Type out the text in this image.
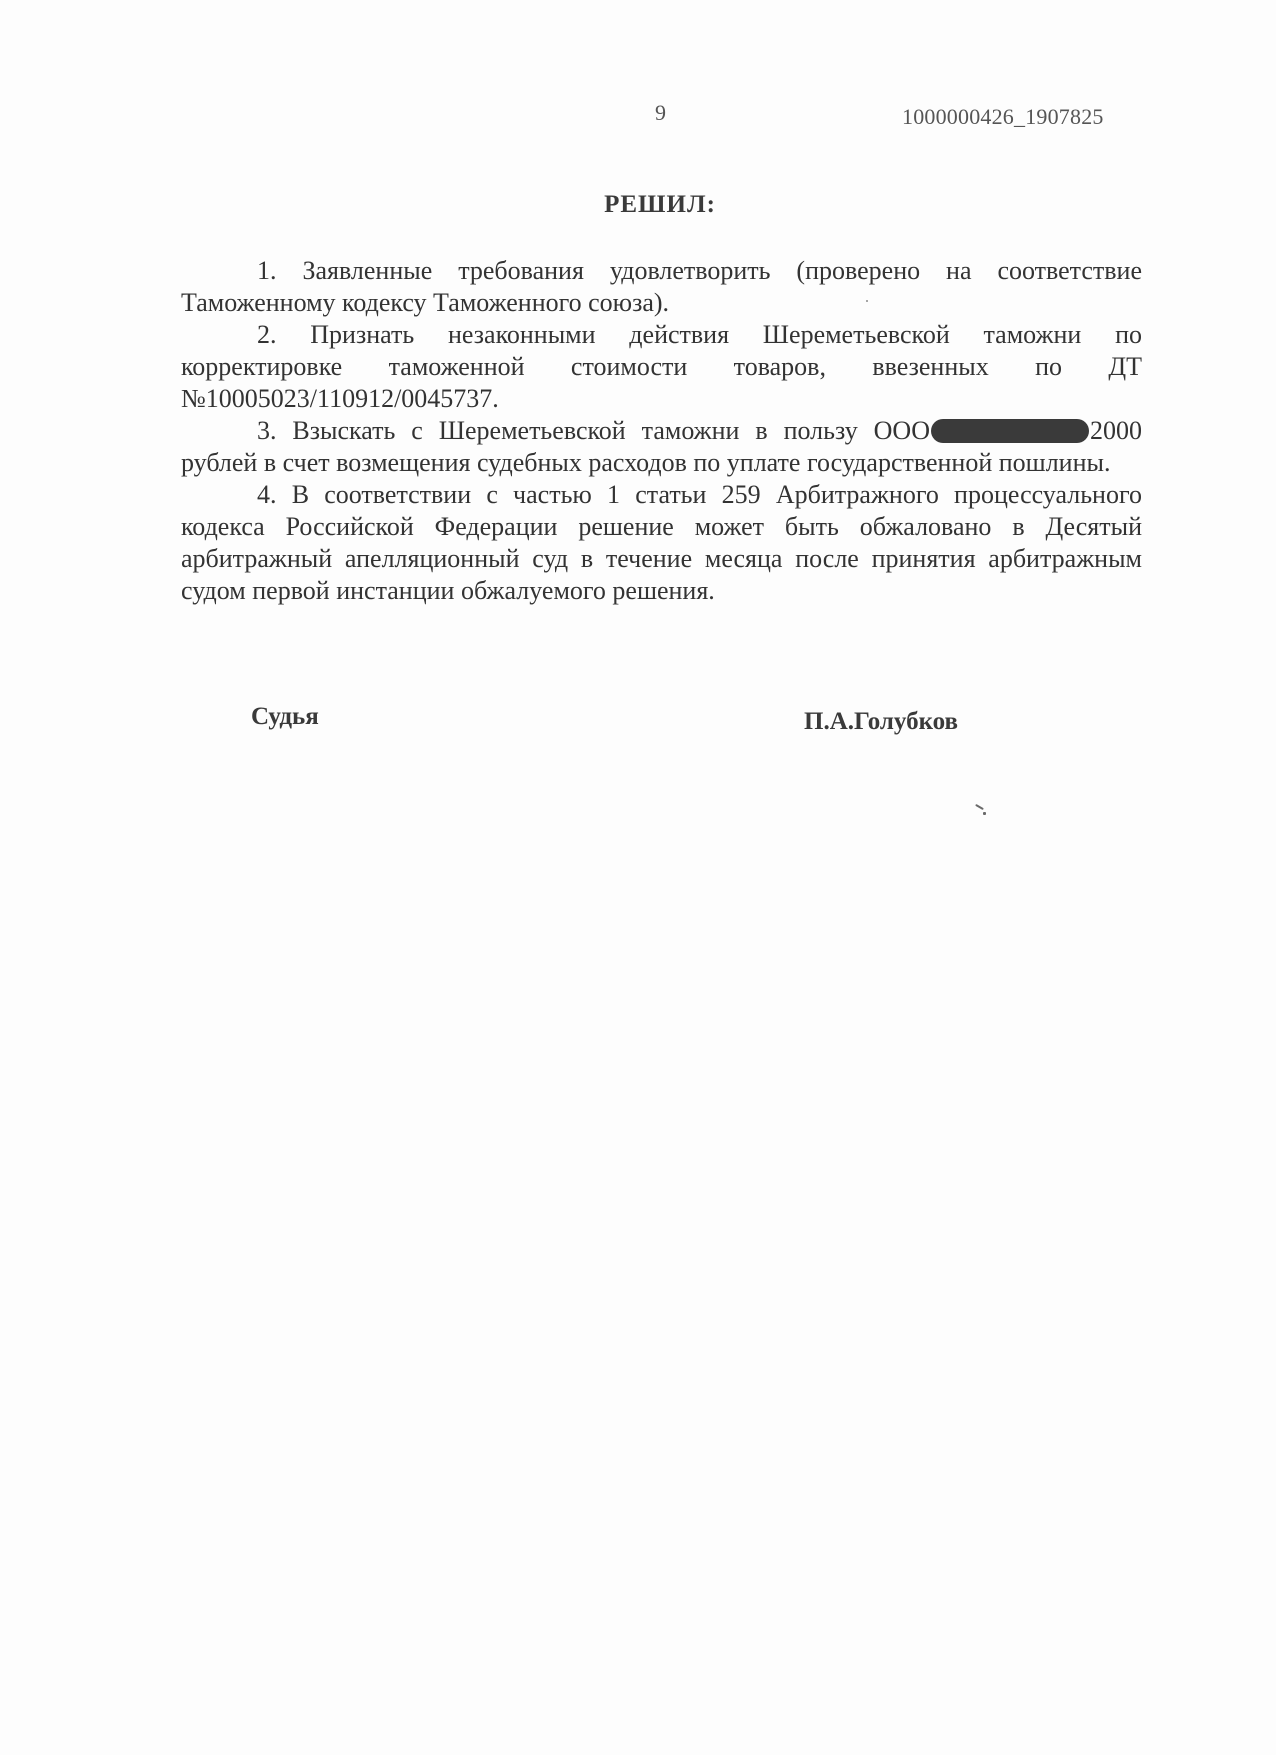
9	1000000426_1907825
РЕШИЛ:

1. Заявленные требования удовлетворить (проверено на соответствие Таможенному кодексу Таможенного союза).

2. Признать незаконными действия Шереметьевской таможни по корректировке таможенной стоимости товаров, ввезенных по ДТ №10005023/110912/0045737.

3. Взыскать с Шереметьевской таможни в пользу ООО	2000 рублей в счет возмещения судебных расходов по уплате государственной пошлины.

4. В соответствии с частью 1 статьи 259 Арбитражного процессуального кодекса Российской Федерации решение может быть обжаловано в Десятый арбитражный апелляционный суд в течение месяца после принятия арбитражным судом первой инстанции обжалуемого решения.

Судья	П.А.Голубков
